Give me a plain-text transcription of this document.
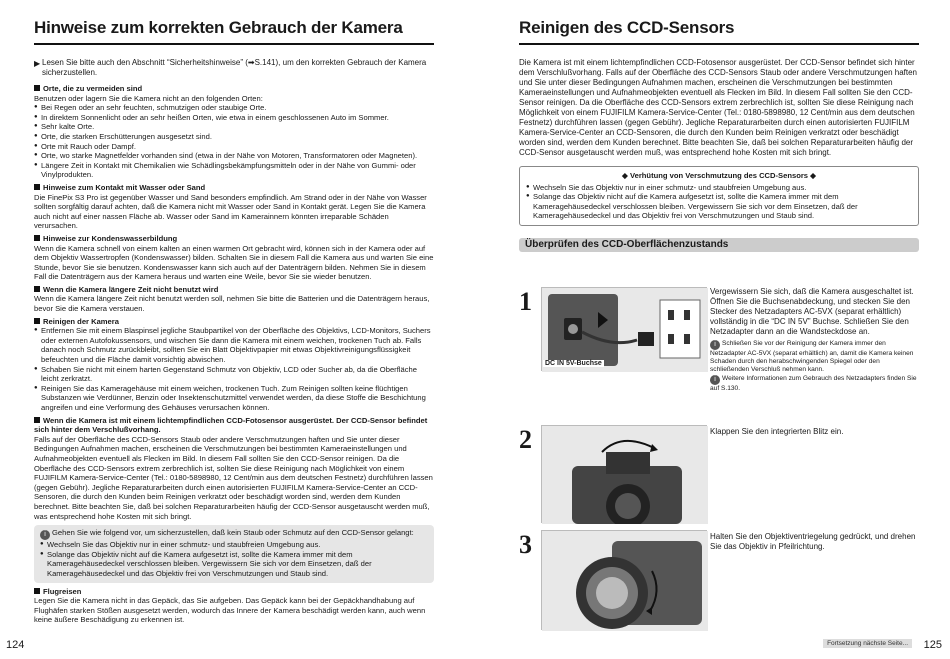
Hinweise zum korrekten Gebrauch der Kamera
▶ Lesen Sie bitte auch den Abschnitt “Sicherheitshinweise” (➡S.141), um den korrekten Gebrauch der Kamera sicherzustellen.
Orte, die zu vermeiden sind
Benutzen oder lagern Sie die Kamera nicht an den folgenden Orten:
● Bei Regen oder an sehr feuchten, schmutzigen oder staubige Orte.
● In direktem Sonnenlicht oder an sehr heißen Orten, wie etwa in einem geschlossenen Auto im Sommer.
● Sehr kalte Orte.
● Orte, die starken Erschütterungen ausgesetzt sind.
● Orte mit Rauch oder Dampf.
● Orte, wo starke Magnetfelder vorhanden sind (etwa in der Nähe von Motoren, Transformatoren oder Magneten).
● Längere Zeit in Kontakt mit Chemikalien wie Schädlingsbekämpfungsmitteln oder in der Nähe von Gummi- oder Vinylprodukten.
Hinweise zum Kontakt mit Wasser oder Sand
Die FinePix S3 Pro ist gegenüber Wasser und Sand besonders empfindlich. Am Strand oder in der Nähe von Wasser sollten sorgfältig darauf achten, daß die Kamera nicht mit Wasser oder Sand in Kontakt gerät. Legen Sie die Kamera auch nicht auf einer nassen Fläche ab. Wasser oder Sand im Kamerainnern könnten irreparable Schäden verursachen.
Hinweise zur Kondenswasserbildung
Wenn die Kamera schnell von einem kalten an einen warmen Ort gebracht wird, können sich in der Kamera oder auf dem Objektiv Wassertropfen (Kondenswasser) bilden. Schalten Sie in diesem Fall die Kamera aus und warten Sie eine Stunde, bevor Sie sie benutzen. Kondenswasser kann sich auch auf der Datenträgern bilden. Nehmen Sie in diesem Fall die Datenträgern aus der Kamera heraus und warten eine Weile, bevor Sie sie wieder benutzen.
Wenn die Kamera längere Zeit nicht benutzt wird
Wenn die Kamera längere Zeit nicht benutzt werden soll, nehmen Sie bitte die Batterien und die Datenträgern heraus, bevor Sie die Kamera verstauen.
Reinigen der Kamera
● Entfernen Sie mit einem Blaspinsel jegliche Staubpartikel von der Oberfläche des Objektivs, LCD-Monitors, Suchers oder externen Autofokussensors, und wischen Sie dann die Kamera mit einem weichen, trockenen Tuch ab. Falls danach noch Schmutz zurückbleibt, sollten Sie ein Blatt Objektivpapier mit etwas Objektivreinigungsflüssigkeit befeuchten und die Fläche damit vorsichtig abwischen.
● Schaben Sie nicht mit einem harten Gegenstand Schmutz von Objektiv, LCD oder Sucher ab, da die Oberfläche leicht zerkratzt.
● Reinigen Sie das Kameragehäuse mit einem weichen, trockenen Tuch. Zum Reinigen sollten keine flüchtigen Substanzen wie Verdünner, Benzin oder Insektenschutzmittel verwendet werden, da diese Stoffe die Beschichtung angreifen und eine Verformung des Gehäuses verursachen können.
Wenn die Kamera ist mit einem lichtempfindlichen CCD-Fotosensor ausgerüstet. Der CCD-Sensor befindet sich hinter dem Verschlußvorhang.
Falls auf der Oberfläche des CCD-Sensors Staub oder andere Verschmutzungen haften und Sie unter dieser Bedingungen Aufnahmen machen, erscheinen die Verschmutzungen bei bestimmten Kameraeinstellungen und Aufnahmeobjekten eventuell als Flecken im Bild. In diesem Fall sollten Sie den CCD-Sensor reinigen. Da die Oberfläche des CCD-Sensors extrem zerbrechlich ist, sollten Sie diese Reinigung nach Möglichkeit von einem FUJIFILM Kamera-Service-Center (Tel.: 0180-5898980, 12 Cent/min aus dem deutschen Festnetz) durchführen lassen (gegen Gebühr). Jegliche Reparaturarbeiten durch einen autorisierten FUJIFILM Kamera-Service-Center an CCD-Sensoren, die durch den Kunden beim Reinigen verkratzt oder beschädigt worden sind, werden dem Kunden berechnet. Bitte beachten Sie, daß bei solchen Reparaturarbeiten häufig der CCD-Sensor ausgetauscht werden muß, was entsprechend hohe Kosten mit sich bringt.
i Gehen Sie wie folgend vor, um sicherzustellen, daß kein Staub oder Schmutz auf den CCD-Sensor gelangt:
● Wechseln Sie das Objektiv nur in einer schmutz- und staubfreien Umgebung aus.
● Solange das Objektiv nicht auf die Kamera aufgesetzt ist, sollte die Kamera immer mit dem Kameragehäusedeckel verschlossen bleiben. Vergewissern Sie sich vor dem Einsetzen, daß der Kameragehäusedeckel und das Objektiv frei von Verschmutzungen und Staub sind.
Flugreisen
Legen Sie die Kamera nicht in das Gepäck, das Sie aufgeben. Das Gepäck kann bei der Gepäckhandhabung auf Flughäfen starken Stößen ausgesetzt werden, wodurch das Innere der Kamera beschädigt werden kann, auch wenn keine äußere Beschädigung zu erkennen ist.
124
Reinigen des CCD-Sensors
Die Kamera ist mit einem lichtempfindlichen CCD-Fotosensor ausgerüstet. Der CCD-Sensor befindet sich hinter dem Verschlußvorhang. Falls auf der Oberfläche des CCD-Sensors Staub oder andere Verschmutzungen haften und Sie unter dieser Bedingungen Aufnahmen machen, erscheinen die Verschmutzungen bei bestimmten Kameraeinstellungen und Aufnahmeobjekten eventuell als Flecken im Bild. In diesem Fall sollten Sie den CCD-Sensor reinigen. Da die Oberfläche des CCD-Sensors extrem zerbrechlich ist, sollten Sie diese Reinigung nach Möglichkeit von einem FUJIFILM Kamera-Service-Center (Tel.: 0180-5898980, 12 Cent/min aus dem deutschen Festnetz) durchführen lassen (gegen Gebühr). Jegliche Reparaturarbeiten durch einen autorisierten FUJIFILM Kamera-Service-Center an CCD-Sensoren, die durch den Kunden beim Reinigen verkratzt oder beschädigt worden sind, werden dem Kunden berechnet. Bitte beachten Sie, daß bei solchen Reparaturarbeiten häufig der CCD-Sensor ausgetauscht werden muß, was entsprechend hohe Kosten mit sich bringt.
◆ Verhütung von Verschmutzung des CCD-Sensors ◆
● Wechseln Sie das Objektiv nur in einer schmutz- und staubfreien Umgebung aus.
● Solange das Objektiv nicht auf die Kamera aufgesetzt ist, sollte die Kamera immer mit dem Kameragehäusedeckel verschlossen bleiben. Vergewissern Sie sich vor dem Einsetzen, daß der Kameragehäusedeckel und das Objektiv frei von Verschmutzungen und Staub sind.
Überprüfen des CCD-Oberflächenzustands
1
DC IN 5V-Buchse
Vergewissern Sie sich, daß die Kamera ausgeschaltet ist. Öffnen Sie die Buchsenabdeckung, und stecken Sie den Stecker des Netzadapters AC-5VX (separat erhältlich) vollständig in die “DC IN 5V” Buchse. Schließen Sie den Netzadapter dann an die Wandsteckdose an.
i Schließen Sie vor der Reinigung der Kamera immer den Netzadapter AC-5VX (separat erhältlich) an, damit die Kamera keinen Schaden durch den herabschwingenden Spiegel oder den schließenden Verschluß nehmen kann.
i Weitere Informationen zum Gebrauch des Netzadapters finden Sie auf S.130.
2	Klappen Sie den integrierten Blitz ein.
3	Halten Sie den Objektiventriegelung gedrückt, und drehen Sie das Objektiv in Pfeilrichtung.
Fortsetzung nächste Seite...	125
